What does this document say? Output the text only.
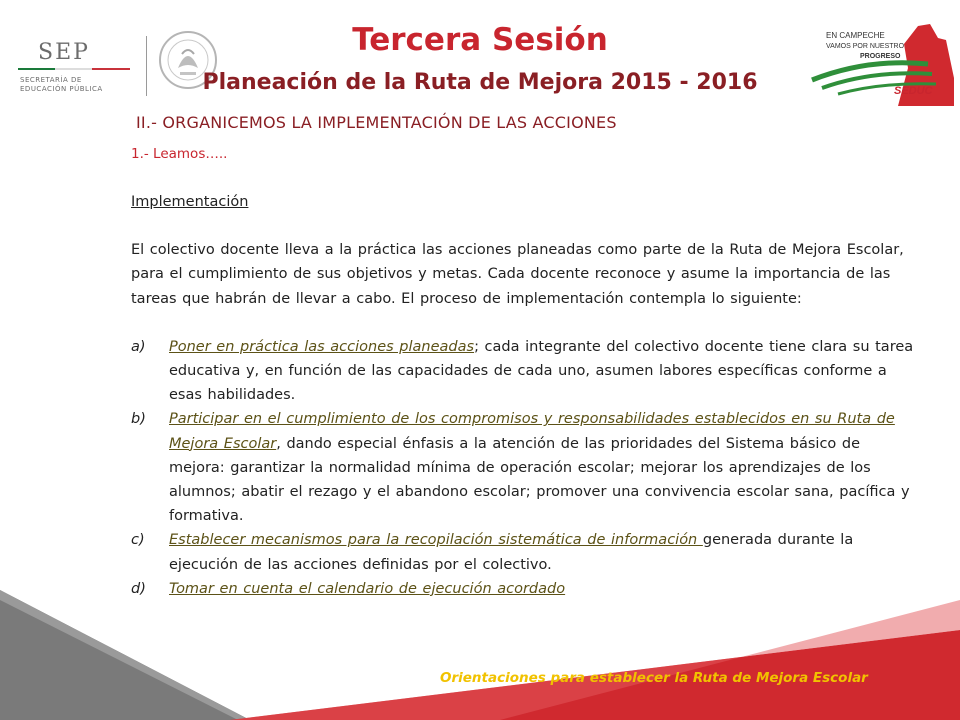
SEP
SECRETARÍA DE
EDUCACIÓN PÚBLICA
EN CAMPECHE
VAMOS POR NUESTRO
PROGRESO
SEDUC
Tercera Sesión
Planeación de la Ruta de Mejora 2015 - 2016
II.- ORGANICEMOS LA IMPLEMENTACIÓN DE LAS ACCIONES
1.- Leamos…..

Implementación

El colectivo docente lleva a la práctica las acciones planeadas como parte de la Ruta de Mejora Escolar, para el cumplimiento de sus objetivos y metas. Cada docente reconoce y asume la importancia de las tareas que habrán de llevar a cabo. El proceso de implementación contempla lo siguiente:

a)	Poner en práctica las acciones planeadas; cada integrante del colectivo docente tiene clara su tarea educativa y, en función de las capacidades de cada uno, asumen labores específicas conforme a esas habilidades.
b)	Participar en el cumplimiento de los compromisos y responsabilidades establecidos en su Ruta de Mejora Escolar, dando especial énfasis a la atención de las prioridades del Sistema básico de mejora: garantizar la normalidad mínima de operación escolar; mejorar los aprendizajes de los alumnos; abatir el rezago y el abandono escolar; promover una convivencia escolar sana, pacífica y formativa.
c)	Establecer mecanismos para la recopilación sistemática de información generada durante la ejecución de las acciones definidas por el colectivo.
d)	Tomar en cuenta el calendario de ejecución acordado
Orientaciones para establecer la Ruta de Mejora Escolar
